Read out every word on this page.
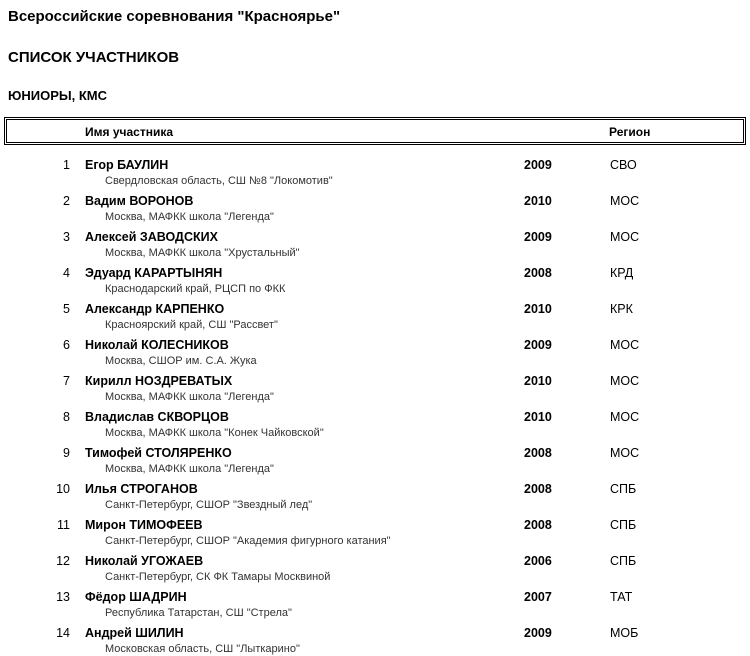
Всероссийские соревнования "Красноярье"
СПИСОК УЧАСТНИКОВ
ЮНИОРЫ, КМС
Имя участника	Регион
1 Егор БАУЛИН	2009	СВО
Свердловская область, СШ №8 "Локомотив"
2 Вадим ВОРОНОВ	2010	МОС
Москва, МАФКК школа "Легенда"
3 Алексей ЗАВОДСКИХ	2009	МОС
Москва, МАФКК школа "Хрустальный"
4 Эдуард КАРАРТЫНЯН	2008	КРД
Краснодарский край, РЦСП по ФКК
5 Александр КАРПЕНКО	2010	КРК
Красноярский край, СШ "Рассвет"
6 Николай КОЛЕСНИКОВ	2009	МОС
Москва, СШОР им. С.А. Жука
7 Кирилл НОЗДРЕВАТЫХ	2010	МОС
Москва, МАФКК школа "Легенда"
8 Владислав СКВОРЦОВ	2010	МОС
Москва, МАФКК школа "Конек Чайковской"
9 Тимофей СТОЛЯРЕНКО	2008	МОС
Москва, МАФКК школа "Легенда"
10 Илья СТРОГАНОВ	2008	СПБ
Санкт-Петербург, СШОР "Звездный лед"
11 Мирон ТИМОФЕЕВ	2008	СПБ
Санкт-Петербург, СШОР "Академия фигурного катания"
12 Николай УГОЖАЕВ	2006	СПБ
Санкт-Петербург, СК ФК Тамары Москвиной
13 Фёдор ШАДРИН	2007	ТАТ
Республика Татарстан, СШ "Стрела"
14 Андрей ШИЛИН	2009	МОБ
Московская область, СШ "Лыткарино"
